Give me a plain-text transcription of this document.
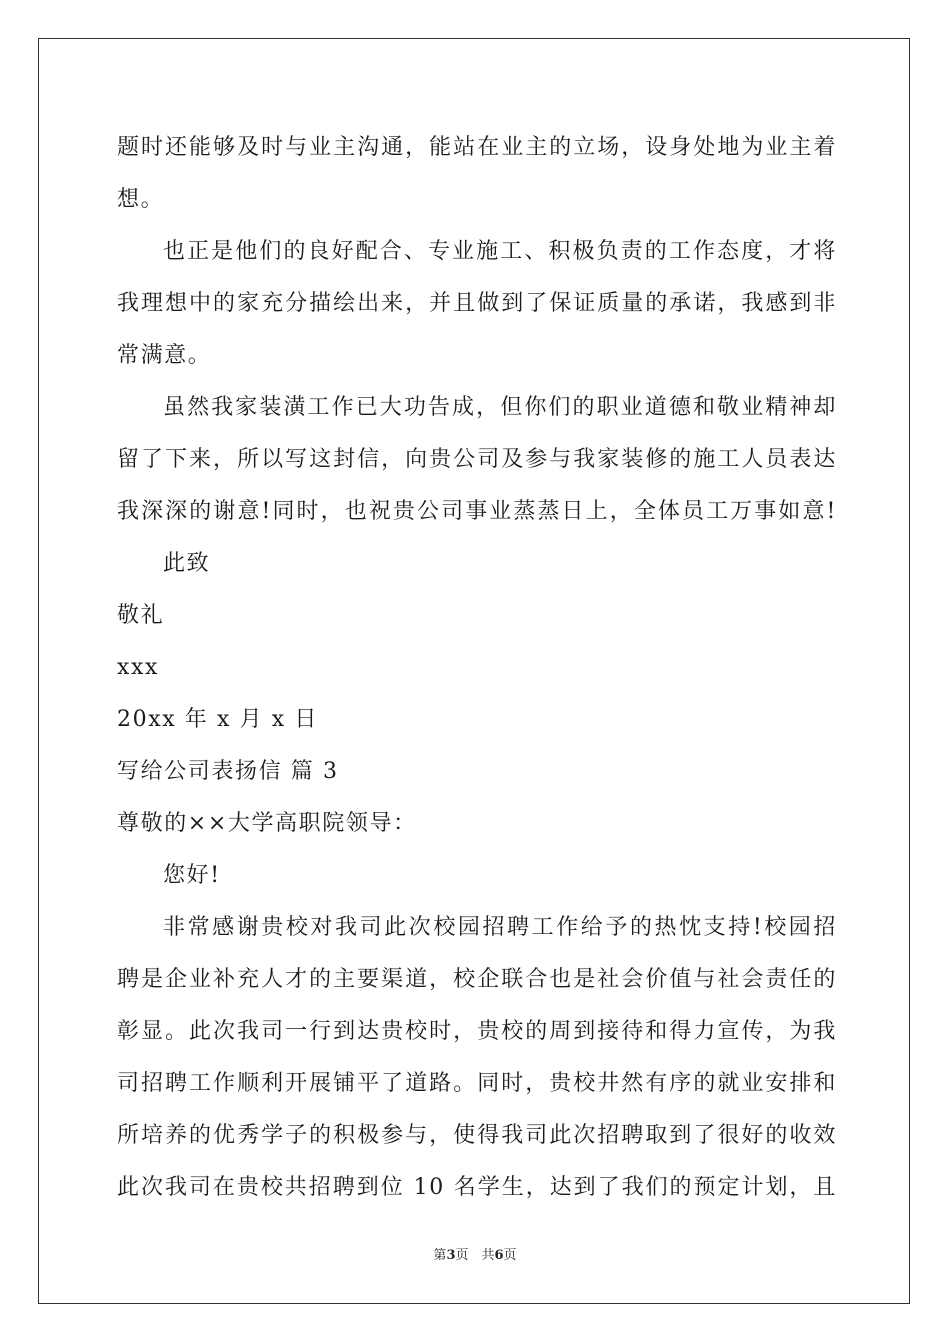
题时还能够及时与业主沟通，能站在业主的立场，设身处地为业主着
想。
也正是他们的良好配合、专业施工、积极负责的工作态度，才将
我理想中的家充分描绘出来，并且做到了保证质量的承诺，我感到非
常满意。
虽然我家装潢工作已大功告成，但你们的职业道德和敬业精神却
留了下来，所以写这封信，向贵公司及参与我家装修的施工人员表达
我深深的谢意!同时，也祝贵公司事业蒸蒸日上，全体员工万事如意!
此致
敬礼
xxx
20xx 年 x 月 x 日
写给公司表扬信 篇 3
尊敬的××大学高职院领导：
您好!
非常感谢贵校对我司此次校园招聘工作给予的热忱支持!校园招
聘是企业补充人才的主要渠道，校企联合也是社会价值与社会责任的
彰显。此次我司一行到达贵校时，贵校的周到接待和得力宣传，为我
司招聘工作顺利开展铺平了道路。同时，贵校井然有序的就业安排和
所培养的优秀学子的积极参与，使得我司此次招聘取到了很好的收效
此次我司在贵校共招聘到位 10 名学生，达到了我们的预定计划，且
第3页　共6页
